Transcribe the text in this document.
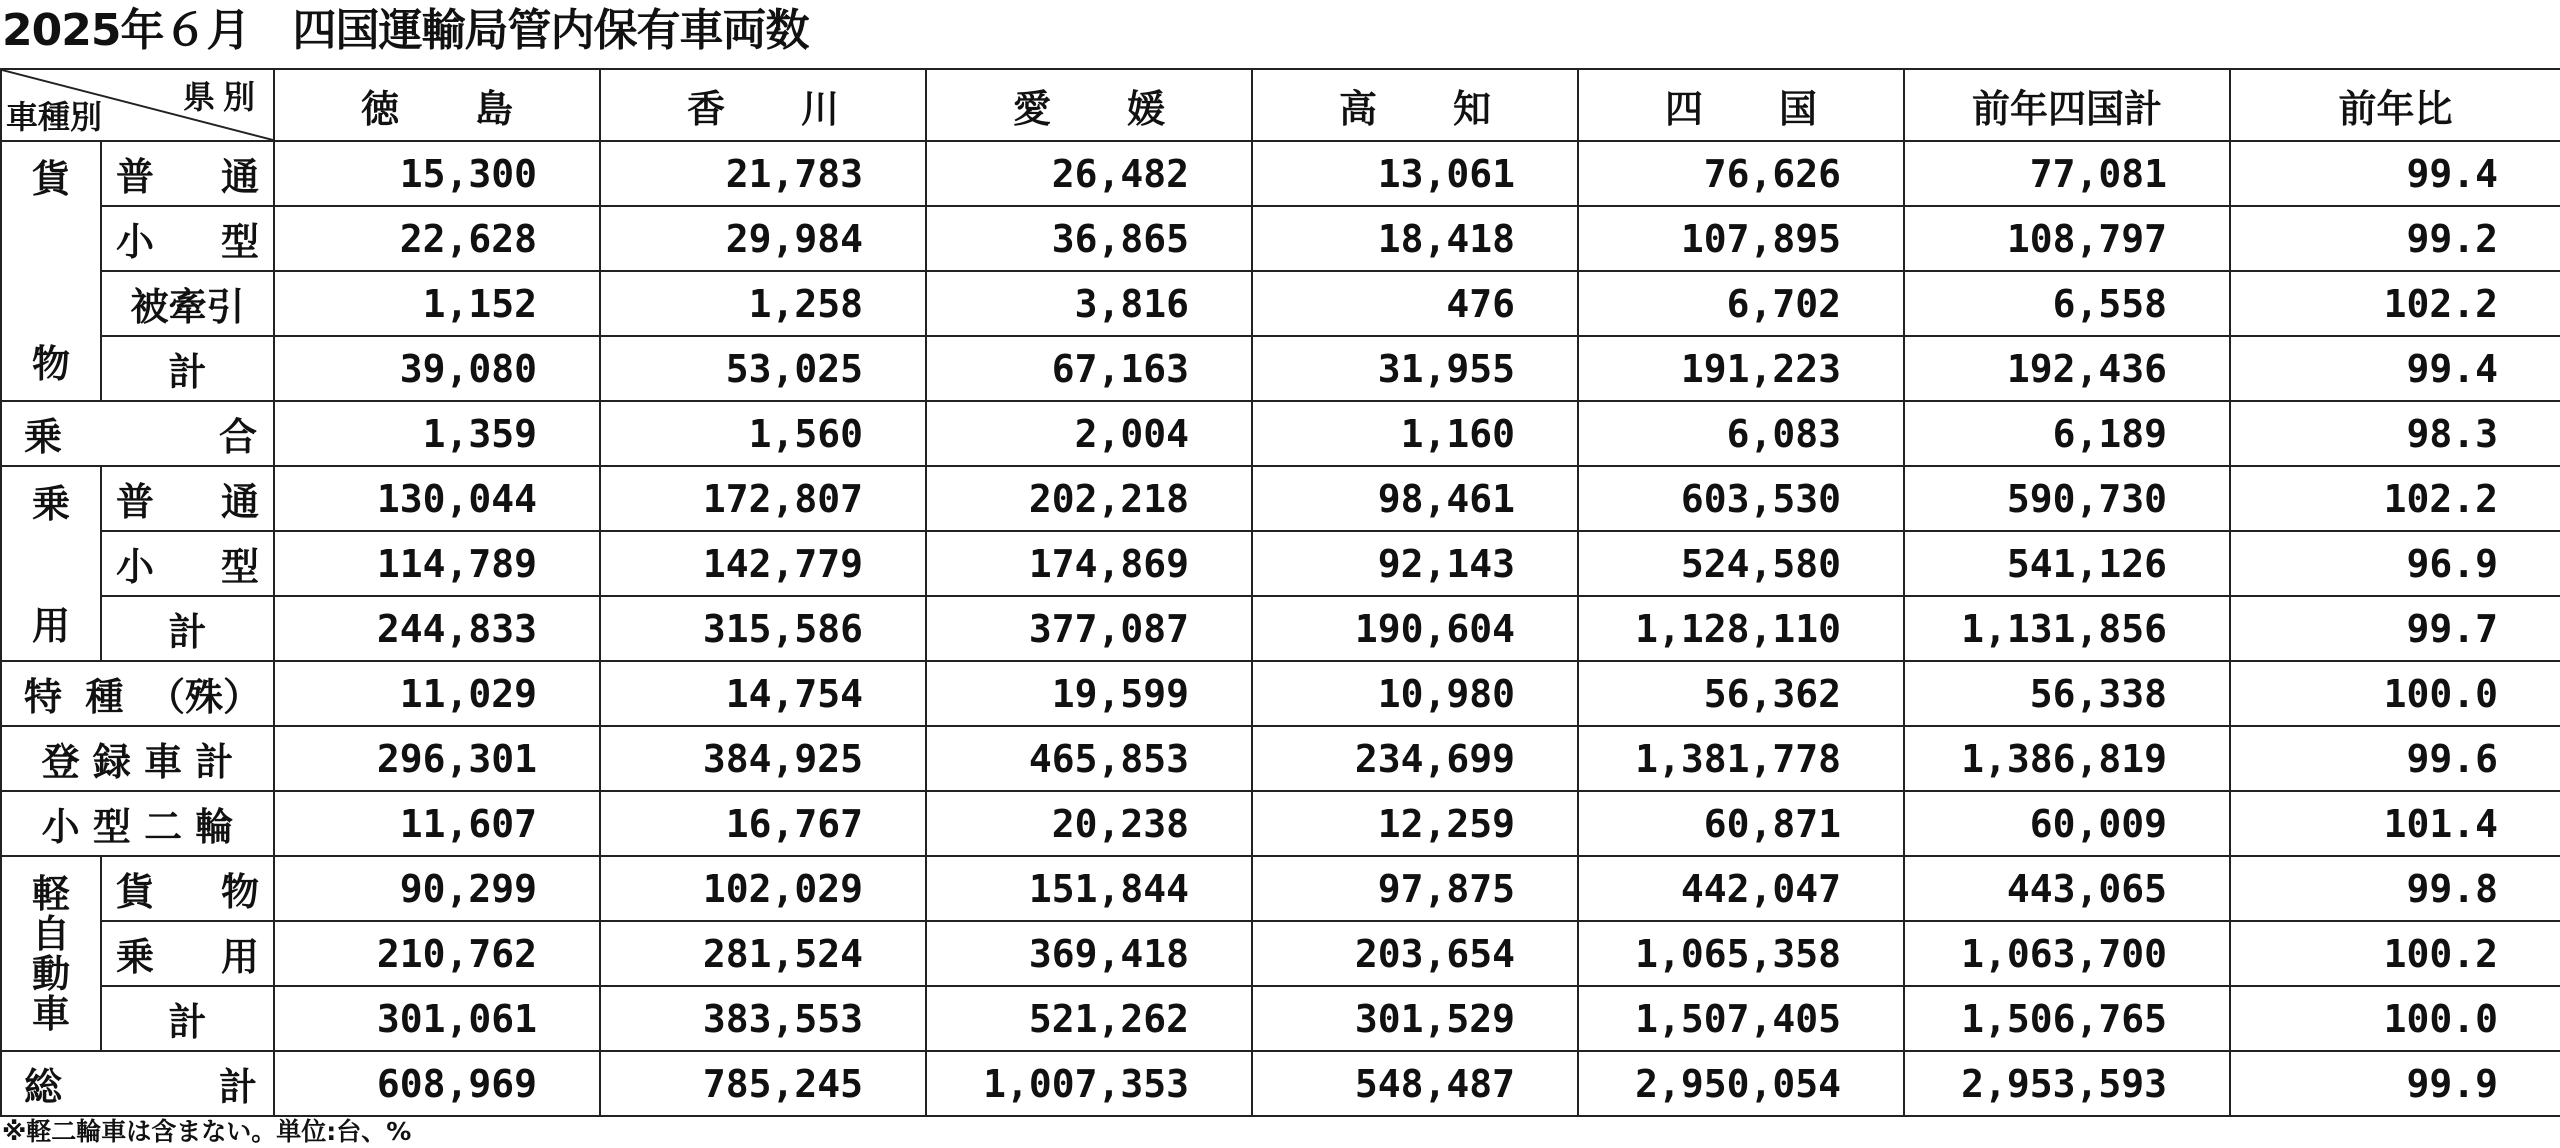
2025年６月　四国運輸局管内保有車両数
県別
車種別		徳　　島	香　　川	愛　　媛	高　　知	四　　国	前年四国計	前年比

貨
物	普 通	15,300	21,783	26,482	13,061	76,626	77,081	99.4

	小 型	22,628	29,984	36,865	18,418	107,895	108,797	99.2
	被牽引	1,152	1,258	3,816	476	6,702	6,558	102.2
	計	39,080	53,025	67,163	31,955	191,223	192,436	99.4

乗 合		1,359	1,560	2,004	1,160	6,083	6,189	98.3

乗
用	普 通	130,044	172,807	202,218	98,461	603,530	590,730	102.2

	小 型	114,789	142,779	174,869	92,143	524,580	541,126	96.9
	計	244,833	315,586	377,087	190,604	1,128,110	1,131,856	99.7

特 種 （殊）		11,029	14,754	19,599	10,980	56,362	56,338	100.0
登 録 車 計		296,301	384,925	465,853	234,699	1,381,778	1,386,819	99.6
小 型 二 輪		11,607	16,767	20,238	12,259	60,871	60,009	101.4

軽
自
動
車	貨 物	90,299	102,029	151,844	97,875	442,047	443,065	99.8

	乗 用	210,762	281,524	369,418	203,654	1,065,358	1,063,700	100.2
	計	301,061	383,553	521,262	301,529	1,507,405	1,506,765	100.0

総 計		608,969	785,245	1,007,353	548,487	2,950,054	2,953,593	99.9
※軽二輪車は含まない。単位:台、%
